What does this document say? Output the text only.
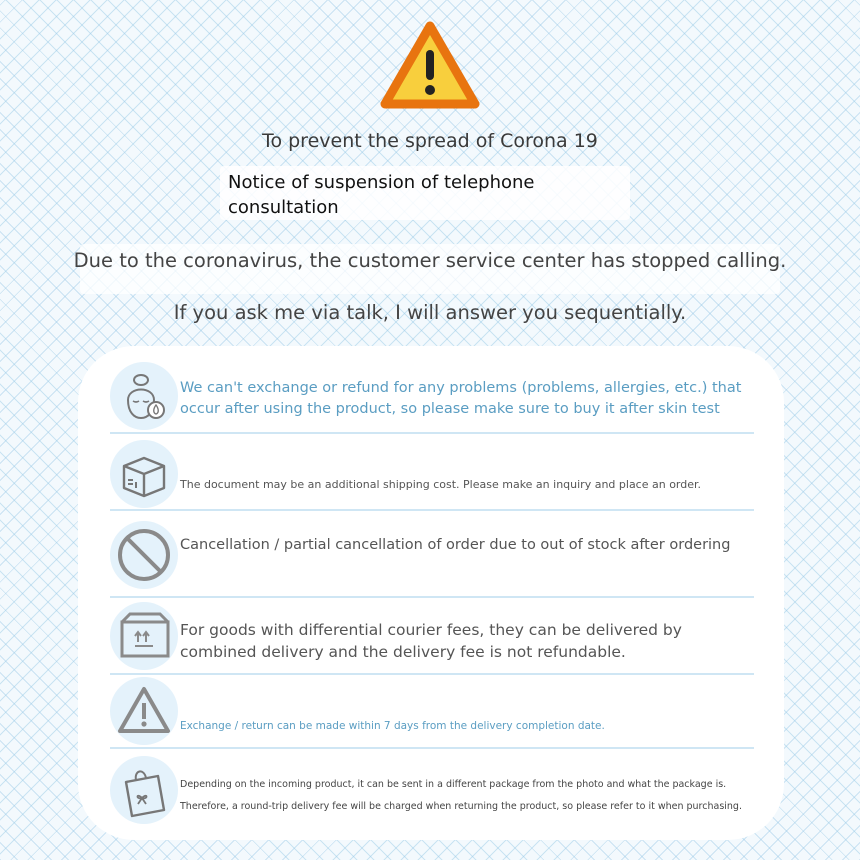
To prevent the spread of Corona 19
Notice of suspension of telephone consultation
Due to the coronavirus, the customer service center has stopped calling.
If you ask me via talk, I will answer you sequentially.
We can't exchange or refund for any problems (problems, allergies, etc.) that occur after using the product, so please make sure to buy it after skin test
The document may be an additional shipping cost. Please make an inquiry and place an order.
Cancellation / partial cancellation of order due to out of stock after ordering
For goods with differential courier fees, they can be delivered by combined delivery and the delivery fee is not refundable.
Exchange / return can be made within 7 days from the delivery completion date.
Depending on the incoming product, it can be sent in a different package from the photo and what the package is.
Therefore, a round-trip delivery fee will be charged when returning the product, so please refer to it when purchasing.
